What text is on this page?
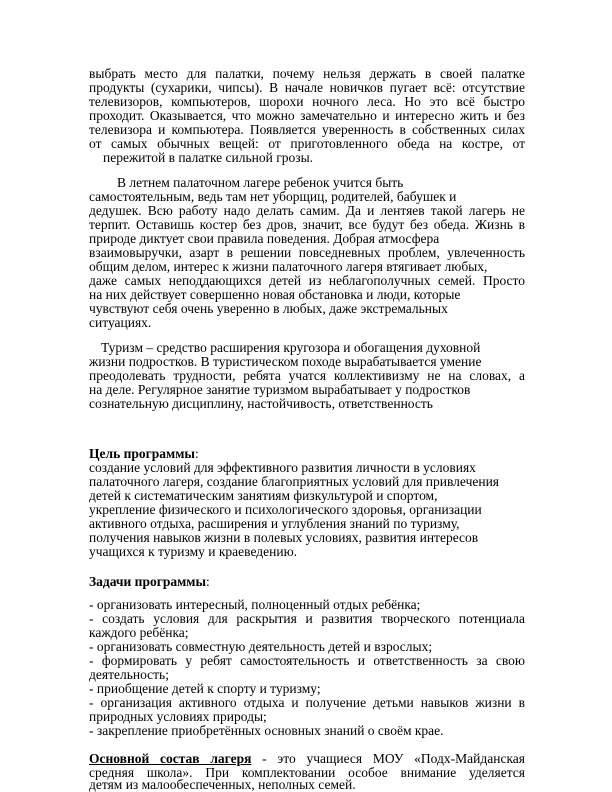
выбрать место для палатки, почему нельзя держать в своей палатке
продукты (сухарики, чипсы). В начале новичков пугает всё: отсутствие
телевизоров, компьютеров, шорохи ночного леса. Но это всё быстро
проходит. Оказывается, что можно замечательно и интересно жить и без
телевизора и компьютера. Появляется уверенность в собственных силах
от самых обычных вещей: от приготовленного обеда на костре, от
пережитой в палатке сильной грозы.
В летнем палаточном лагере ребенок учится быть
самостоятельным, ведь там нет уборщиц, родителей, бабушек и
дедушек. Всю работу надо делать самим. Да и лентяев такой лагерь не
терпит. Оставишь костер без дров, значит, все будут без обеда. Жизнь в
природе диктует свои правила поведения. Добрая атмосфера
взаимовыручки, азарт в решении повседневных проблем, увлеченность
общим делом, интерес к жизни палаточного лагеря втягивает любых,
даже самых неподдающихся детей из неблагополучных семей. Просто
на них действует совершенно новая обстановка и люди, которые
чувствуют себя очень уверенно в любых, даже экстремальных
ситуациях.
Туризм – средство расширения кругозора и обогащения духовной
жизни подростков. В туристическом походе вырабатывается умение
преодолевать трудности, ребята учатся коллективизму не на словах, а
на деле. Регулярное занятие туризмом вырабатывает у подростков
сознательную дисциплину, настойчивость, ответственность
Цель программы:
создание условий для эффективного развития личности в условиях
палаточного лагеря, создание благоприятных условий для привлечения
детей к систематическим занятиям физкультурой и спортом,
укрепление физического и психологического здоровья, организации
активного отдыха, расширения и углубления знаний по туризму,
получения навыков жизни в полевых условиях, развития интересов
учащихся к туризму и краеведению.
Задачи программы:
- организовать интересный, полноценный отдых ребёнка;
- создать условия для раскрытия и развития творческого потенциала
каждого ребёнка;
- организовать совместную деятельность детей и взрослых;
- формировать у ребят самостоятельность и ответственность за свою
деятельность;
- приобщение детей к спорту и туризму;
- организация активного отдыха и получение детьми навыков жизни в
природных условиях природы;
- закрепление приобретённых основных знаний о своём крае.
Основной состав лагеря - это учащиеся МОУ «Подх-Майданская
средняя школа». При комплектовании особое внимание уделяется
детям из малообеспеченных, неполных семей.
